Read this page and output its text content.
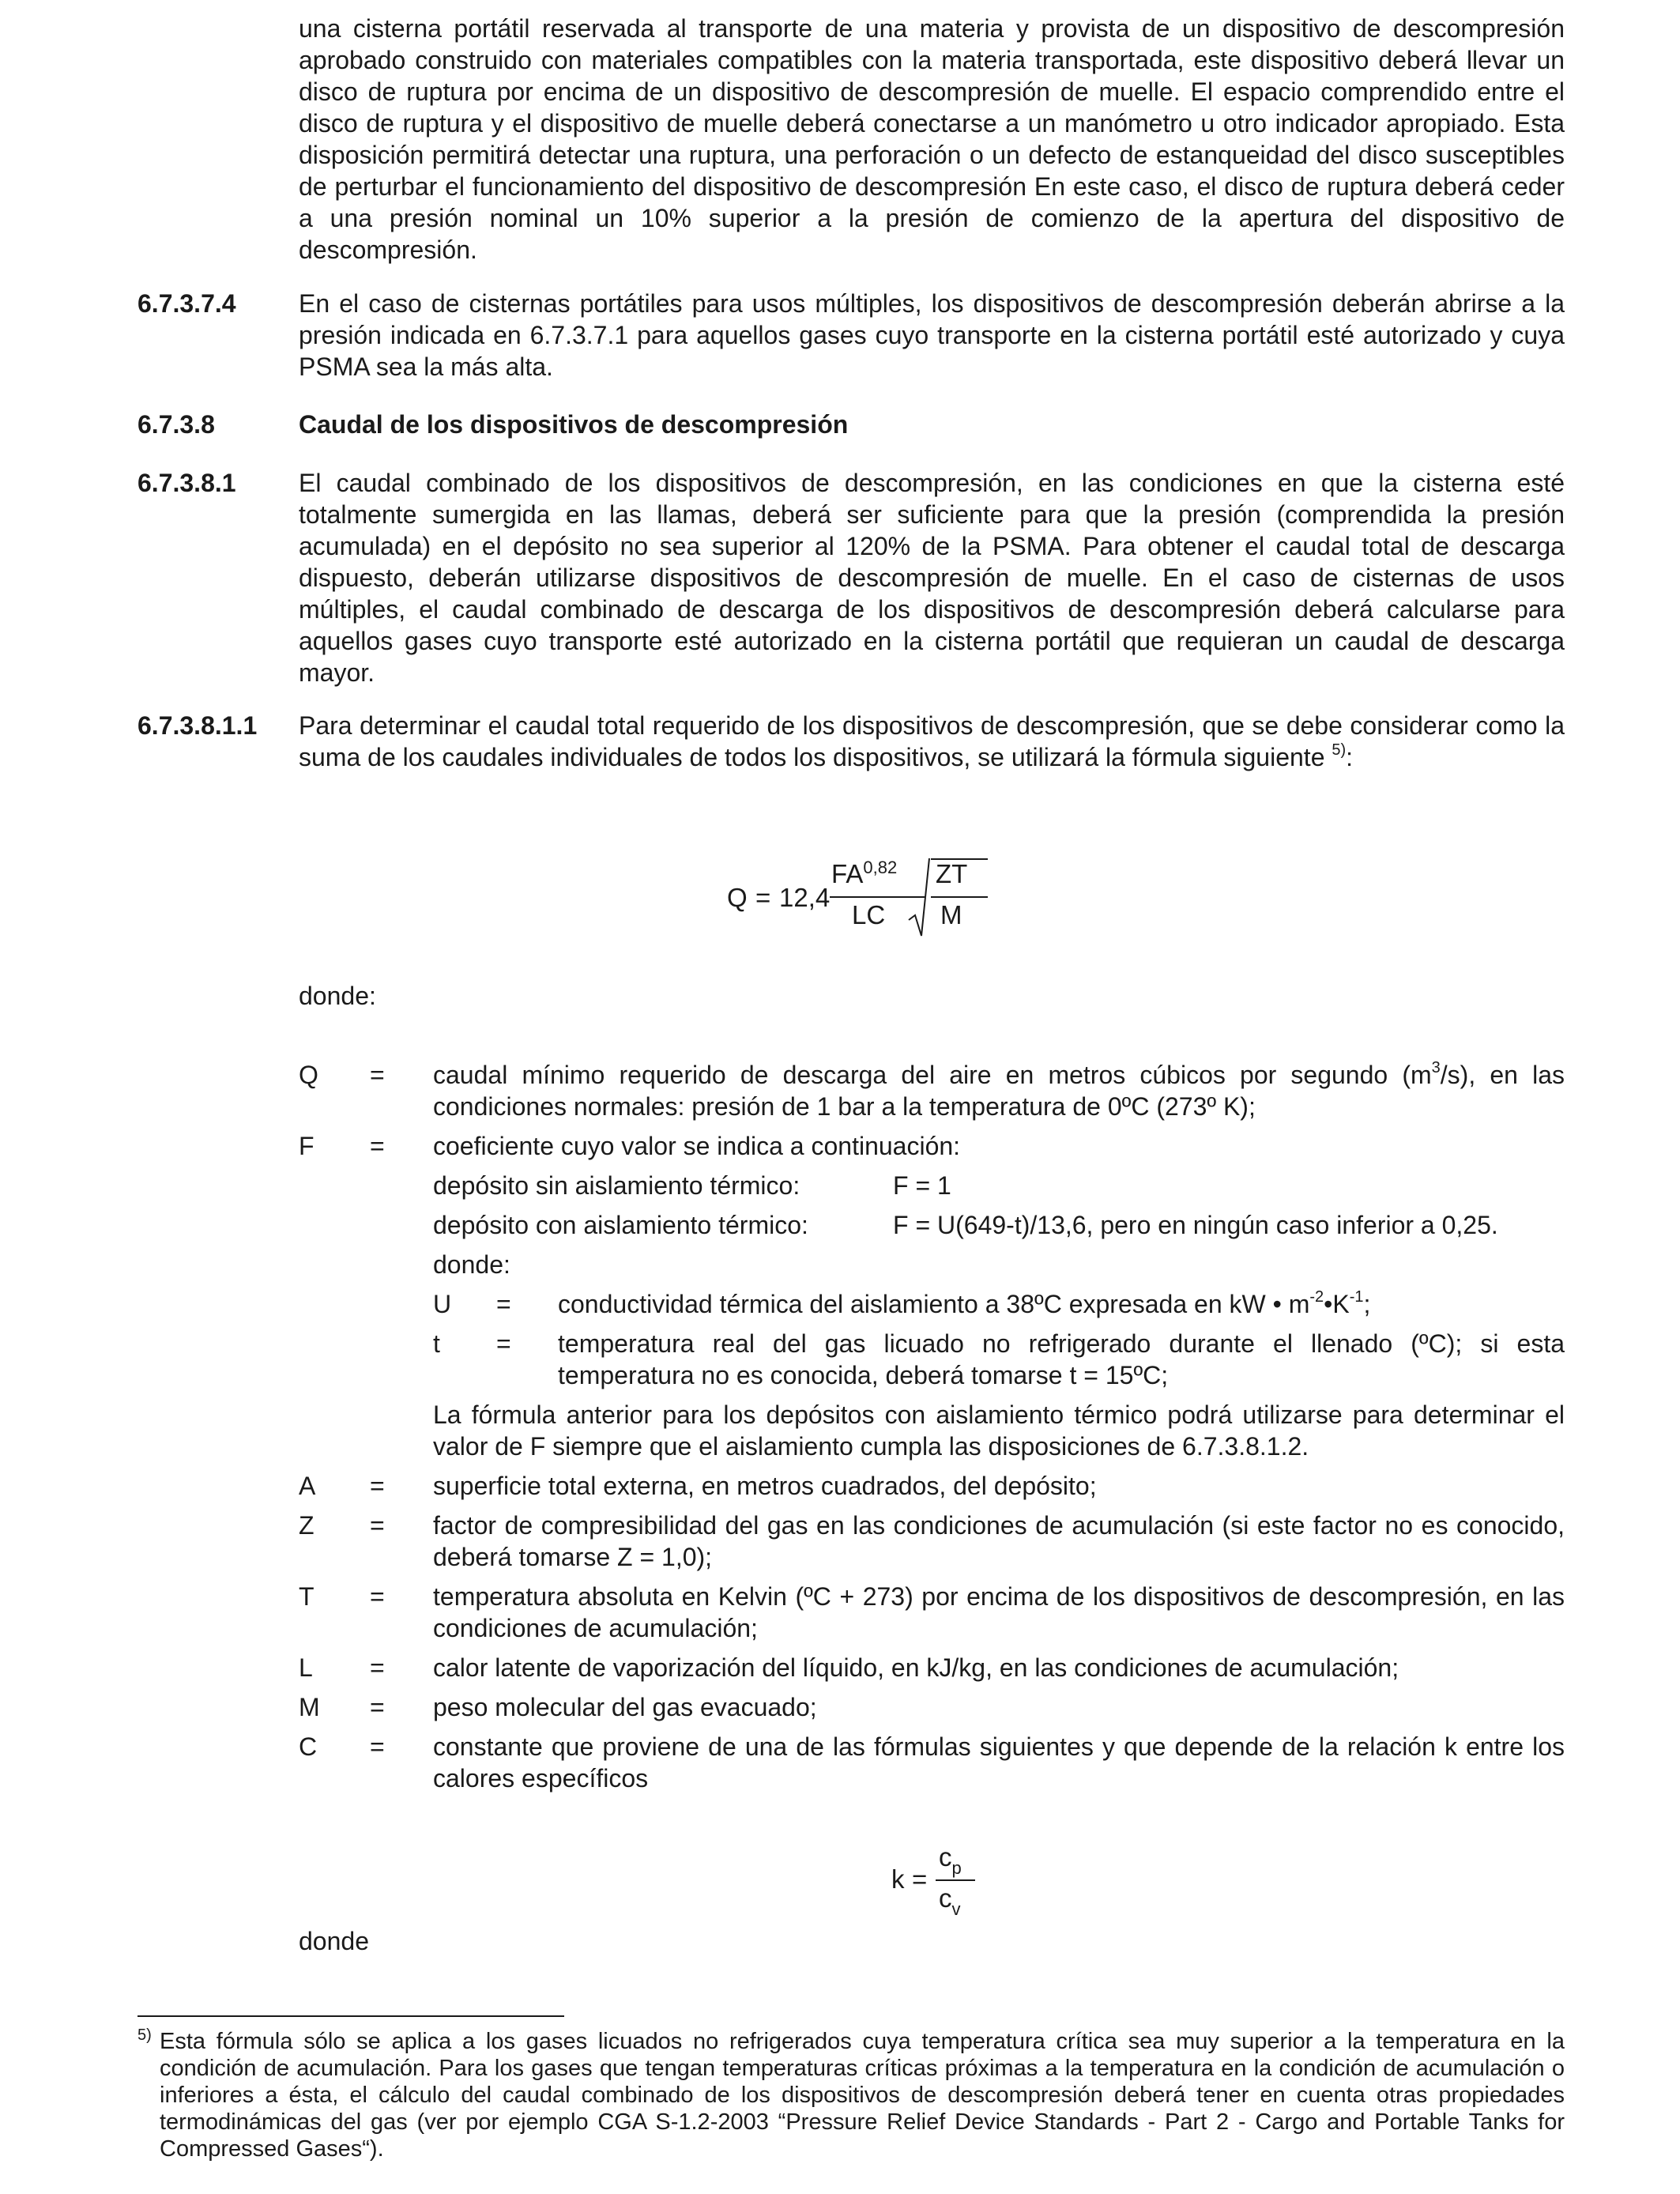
una cisterna portátil reservada al transporte de una materia y provista de un dispositivo de descompresión aprobado construido con materiales compatibles con la materia transportada, este dispositivo deberá llevar un disco de ruptura por encima de un dispositivo de descompresión de muelle. El espacio comprendido entre el disco de ruptura y el dispositivo de muelle deberá conectarse a un manómetro u otro indicador apropiado. Esta disposición permitirá detectar una ruptura, una perforación o un defecto de estanqueidad del disco susceptibles de perturbar el funcionamiento del dispositivo de descompresión En este caso, el disco de ruptura deberá ceder a una presión nominal un 10% superior a la presión de comienzo de la apertura del dispositivo de descompresión.
6.7.3.7.4 En el caso de cisternas portátiles para usos múltiples, los dispositivos de descompresión deberán abrirse a la presión indicada en 6.7.3.7.1 para aquellos gases cuyo transporte en la cisterna portátil esté autorizado y cuya PSMA sea la más alta.
6.7.3.8	Caudal de los dispositivos de descompresión
6.7.3.8.1 El caudal combinado de los dispositivos de descompresión, en las condiciones en que la cisterna esté totalmente sumergida en las llamas, deberá ser suficiente para que la presión (comprendida la presión acumulada) en el depósito no sea superior al 120% de la PSMA. Para obtener el caudal total de descarga dispuesto, deberán utilizarse dispositivos de descompresión de muelle. En el caso de cisternas de usos múltiples, el caudal combinado de descarga de los dispositivos de descompresión deberá calcularse para aquellos gases cuyo transporte esté autorizado en la cisterna portátil que requieran un caudal de descarga mayor.
6.7.3.8.1.1 Para determinar el caudal total requerido de los dispositivos de descompresión, que se debe considerar como la suma de los caudales individuales de todos los dispositivos, se utilizará la fórmula siguiente $^{5)}$:
Q = 12,4
FA$^{0,82}$
LC
ZT
M
donde:
Q = caudal mínimo requerido de descarga del aire en metros cúbicos por segundo $(m^3/s)$, en las condiciones normales: presión de 1 bar a la temperatura de 0ºC (273º K);
F = coeficiente cuyo valor se indica a continuación:
depósito sin aislamiento térmico:	F = 1
depósito con aislamiento térmico:	F = U(649-t)/13,6, pero en ningún caso inferior a 0,25.
donde:
U = conductividad térmica del aislamiento a 38ºC expresada en kW • $m^{-2}•K^{-1}$;
t = temperatura real del gas licuado no refrigerado durante el llenado (ºC); si esta temperatura no es conocida, deberá tomarse t = 15ºC;
La fórmula anterior para los depósitos con aislamiento térmico podrá utilizarse para determinar el valor de F siempre que el aislamiento cumpla las disposiciones de 6.7.3.8.1.2.
A = superficie total externa, en metros cuadrados, del depósito;
Z = factor de compresibilidad del gas en las condiciones de acumulación (si este factor no es conocido, deberá tomarse Z = 1,0);
T = temperatura absoluta en Kelvin (ºC + 273) por encima de los dispositivos de descompresión, en las condiciones de acumulación;
L = calor latente de vaporización del líquido, en kJ/kg, en las condiciones de acumulación;
M = peso molecular del gas evacuado;
C = constante que proviene de una de las fórmulas siguientes y que depende de la relación k entre los calores específicos
k =
$c_p$
$c_v$
donde
5) Esta fórmula sólo se aplica a los gases licuados no refrigerados cuya temperatura crítica sea muy superior a la temperatura en la condición de acumulación. Para los gases que tengan temperaturas críticas próximas a la temperatura en la condición de acumulación o inferiores a ésta, el cálculo del caudal combinado de los dispositivos de descompresión deberá tener en cuenta otras propiedades termodinámicas del gas (ver por ejemplo CGA S-1.2-2003 “Pressure Relief Device Standards - Part 2 - Cargo and Portable Tanks for Compressed Gases“).
